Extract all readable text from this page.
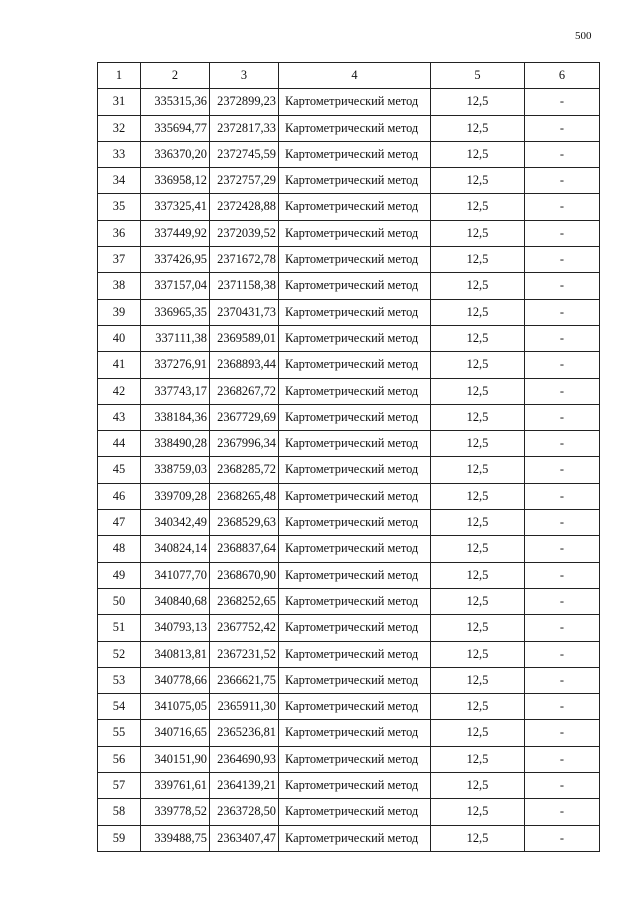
500
1	2	3	4	5	6
31	335315,36	2372899,23	Картометрический метод	12,5	-
32	335694,77	2372817,33	Картометрический метод	12,5	-
33	336370,20	2372745,59	Картометрический метод	12,5	-
34	336958,12	2372757,29	Картометрический метод	12,5	-
35	337325,41	2372428,88	Картометрический метод	12,5	-
36	337449,92	2372039,52	Картометрический метод	12,5	-
37	337426,95	2371672,78	Картометрический метод	12,5	-
38	337157,04	2371158,38	Картометрический метод	12,5	-
39	336965,35	2370431,73	Картометрический метод	12,5	-
40	337111,38	2369589,01	Картометрический метод	12,5	-
41	337276,91	2368893,44	Картометрический метод	12,5	-
42	337743,17	2368267,72	Картометрический метод	12,5	-
43	338184,36	2367729,69	Картометрический метод	12,5	-
44	338490,28	2367996,34	Картометрический метод	12,5	-
45	338759,03	2368285,72	Картометрический метод	12,5	-
46	339709,28	2368265,48	Картометрический метод	12,5	-
47	340342,49	2368529,63	Картометрический метод	12,5	-
48	340824,14	2368837,64	Картометрический метод	12,5	-
49	341077,70	2368670,90	Картометрический метод	12,5	-
50	340840,68	2368252,65	Картометрический метод	12,5	-
51	340793,13	2367752,42	Картометрический метод	12,5	-
52	340813,81	2367231,52	Картометрический метод	12,5	-
53	340778,66	2366621,75	Картометрический метод	12,5	-
54	341075,05	2365911,30	Картометрический метод	12,5	-
55	340716,65	2365236,81	Картометрический метод	12,5	-
56	340151,90	2364690,93	Картометрический метод	12,5	-
57	339761,61	2364139,21	Картометрический метод	12,5	-
58	339778,52	2363728,50	Картометрический метод	12,5	-
59	339488,75	2363407,47	Картометрический метод	12,5	-
